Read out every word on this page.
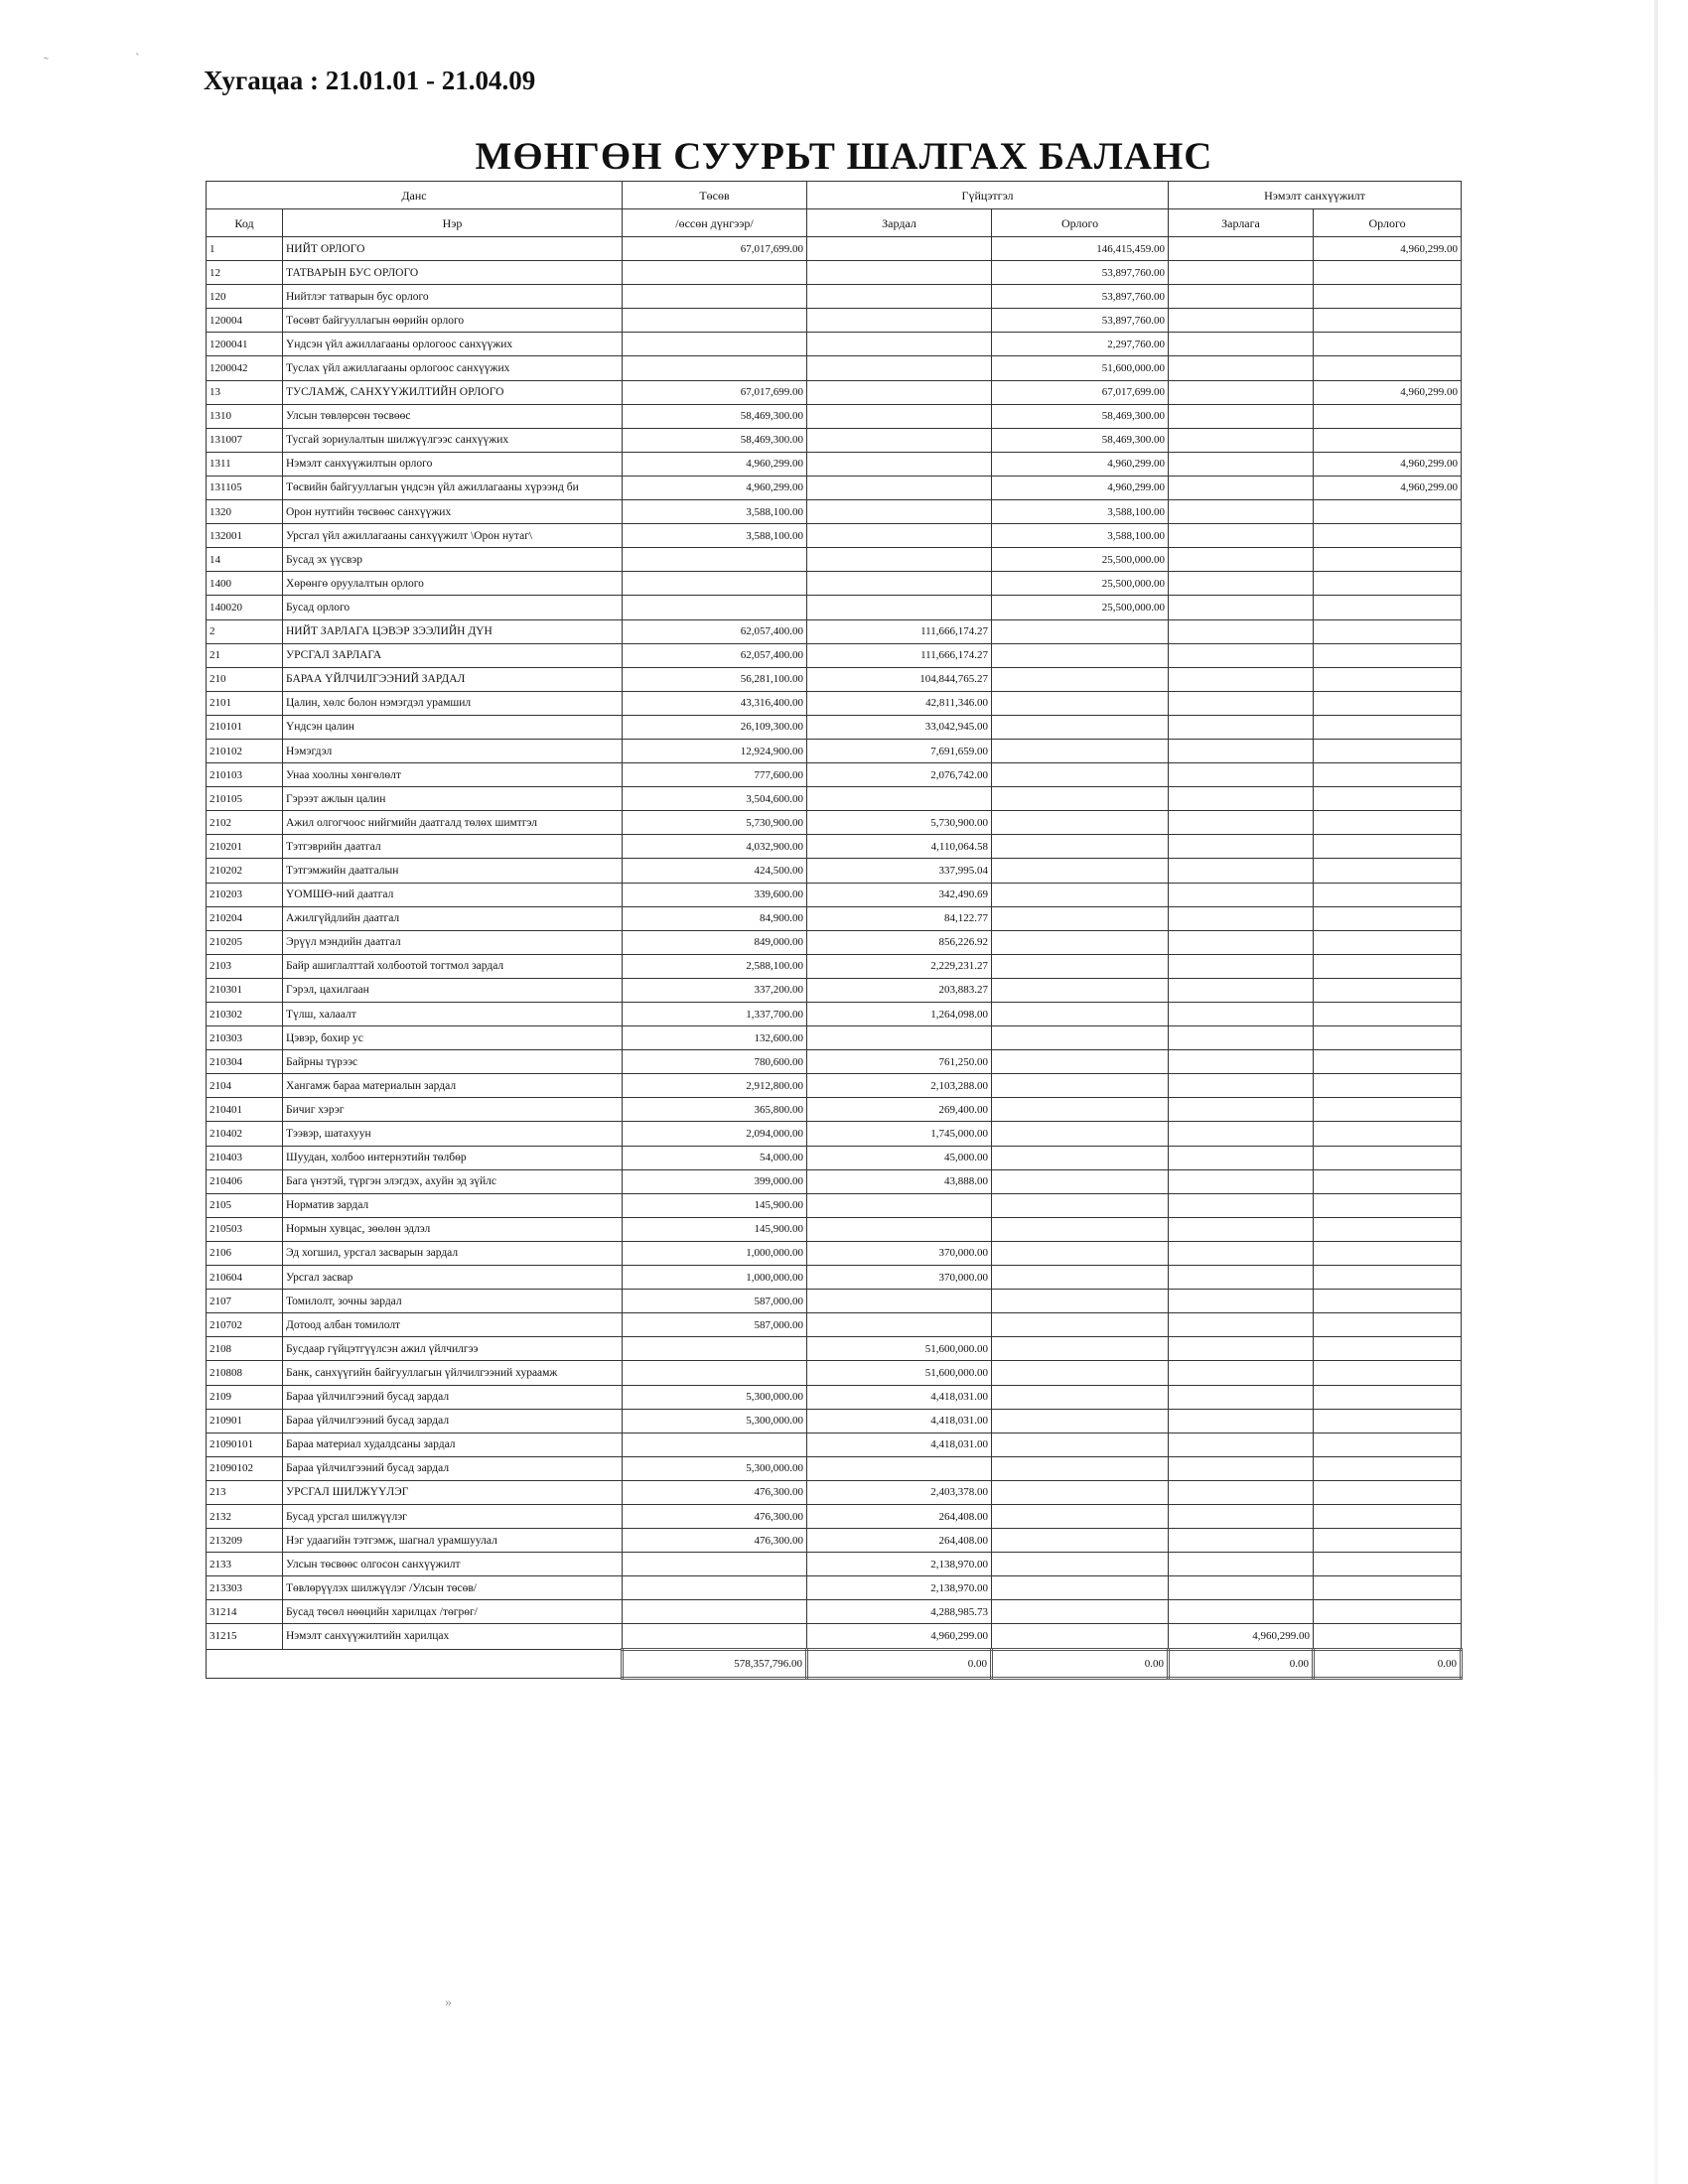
Хугацаа : 21.01.01 - 21.04.09
МӨНГӨН СУУРЬТ ШАЛГАХ БАЛАНС
Данс		Төсөв	Гүйцэтгэл		Нэмэлт санхүүжилт	
Код	Нэр	/өссөн дүнгээр/	Зардал	Орлого	Зарлага	Орлого
1	НИЙТ ОРЛОГО	67,017,699.00		146,415,459.00		4,960,299.00
12	ТАТВАРЫН БУС ОРЛОГО			53,897,760.00		
120	Нийтлэг татварын бус орлого			53,897,760.00		
120004	Төсөвт байгууллагын өөрийн орлого			53,897,760.00		
1200041	Үндсэн үйл ажиллагааны орлогоос санхүүжих			2,297,760.00		
1200042	Туслах үйл ажиллагааны орлогоос санхүүжих			51,600,000.00		
13	ТУСЛАМЖ, САНХҮҮЖИЛТИЙН ОРЛОГО	67,017,699.00		67,017,699.00		4,960,299.00
1310	Улсын төвлөрсөн төсвөөс	58,469,300.00		58,469,300.00		
131007	Тусгай зориулалтын шилжүүлгээс санхүүжих	58,469,300.00		58,469,300.00		
1311	Нэмэлт санхүүжилтын орлого	4,960,299.00		4,960,299.00		4,960,299.00
131105	Төсвийн байгууллагын үндсэн үйл ажиллагааны хүрээнд би	4,960,299.00		4,960,299.00		4,960,299.00
1320	Орон нутгийн төсвөөс санхүүжих	3,588,100.00		3,588,100.00		
132001	Урсгал үйл ажиллагааны санхүүжилт \Орон нутаг\	3,588,100.00		3,588,100.00		
14	Бусад эх үүсвэр			25,500,000.00		
1400	Хөрөнгө оруулалтын орлого			25,500,000.00		
140020	Бусад орлого			25,500,000.00		
2	НИЙТ ЗАРЛАГА ЦЭВЭР ЗЭЭЛИЙН ДҮН	62,057,400.00	111,666,174.27			
21	УРСГАЛ ЗАРЛАГА	62,057,400.00	111,666,174.27			
210	БАРАА ҮЙЛЧИЛГЭЭНИЙ ЗАРДАЛ	56,281,100.00	104,844,765.27			
2101	Цалин, хөлс болон нэмэгдэл урамшил	43,316,400.00	42,811,346.00			
210101	Үндсэн цалин	26,109,300.00	33,042,945.00			
210102	Нэмэгдэл	12,924,900.00	7,691,659.00			
210103	Унаа хоолны хөнгөлөлт	777,600.00	2,076,742.00			
210105	Гэрээт ажлын цалин	3,504,600.00				
2102	Ажил олгогчоос нийгмийн даатгалд төлөх шимтгэл	5,730,900.00	5,730,900.00			
210201	Тэтгэврийн даатгал	4,032,900.00	4,110,064.58			
210202	Тэтгэмжийн даатгалын	424,500.00	337,995.04			
210203	ҮОМШӨ-ний даатгал	339,600.00	342,490.69			
210204	Ажилгүйдлийн даатгал	84,900.00	84,122.77			
210205	Эрүүл мэндийн даатгал	849,000.00	856,226.92			
2103	Байр ашиглалттай холбоотой тогтмол зардал	2,588,100.00	2,229,231.27			
210301	Гэрэл, цахилгаан	337,200.00	203,883.27			
210302	Түлш, халаалт	1,337,700.00	1,264,098.00			
210303	Цэвэр, бохир ус	132,600.00				
210304	Байрны түрээс	780,600.00	761,250.00			
2104	Хангамж бараа материалын зардал	2,912,800.00	2,103,288.00			
210401	Бичиг хэрэг	365,800.00	269,400.00			
210402	Тээвэр, шатахуун	2,094,000.00	1,745,000.00			
210403	Шуудан, холбоо интернэтийн төлбөр	54,000.00	45,000.00			
210406	Бага үнэтэй, түргэн элэгдэх, ахуйн эд зүйлс	399,000.00	43,888.00			
2105	Норматив зардал	145,900.00				
210503	Нормын хувцас, зөөлөн эдлэл	145,900.00				
2106	Эд хогшил, урсгал засварын зардал	1,000,000.00	370,000.00			
210604	Урсгал засвар	1,000,000.00	370,000.00			
2107	Томилолт, зочны зардал	587,000.00				
210702	Дотоод албан томилолт	587,000.00				
2108	Бусдаар гүйцэтгүүлсэн ажил үйлчилгээ		51,600,000.00			
210808	Банк, санхүүгийн байгууллагын үйлчилгээний хураамж		51,600,000.00			
2109	Бараа үйлчилгээний бусад зардал	5,300,000.00	4,418,031.00			
210901	Бараа үйлчилгээний бусад зардал	5,300,000.00	4,418,031.00			
21090101	Бараа материал худалдсаны зардал		4,418,031.00			
21090102	Бараа үйлчилгээний бусад зардал	5,300,000.00				
213	УРСГАЛ ШИЛЖҮҮЛЭГ	476,300.00	2,403,378.00			
2132	Бусад урсгал шилжүүлэг	476,300.00	264,408.00			
213209	Нэг удаагийн тэтгэмж, шагнал урамшуулал	476,300.00	264,408.00			
2133	Улсын төсвөөс олгосон санхүүжилт		2,138,970.00			
213303	Төвлөрүүлэх шилжүүлэг /Улсын төсөв/		2,138,970.00			
31214	Бусад төсөл нөөцийн харилцах /төгрөг/		4,288,985.73			
31215	Нэмэлт санхүүжилтийн харилцах		4,960,299.00		4,960,299.00	
		578,357,796.00	0.00	0.00	0.00	0.00
˜	ˋ
»
